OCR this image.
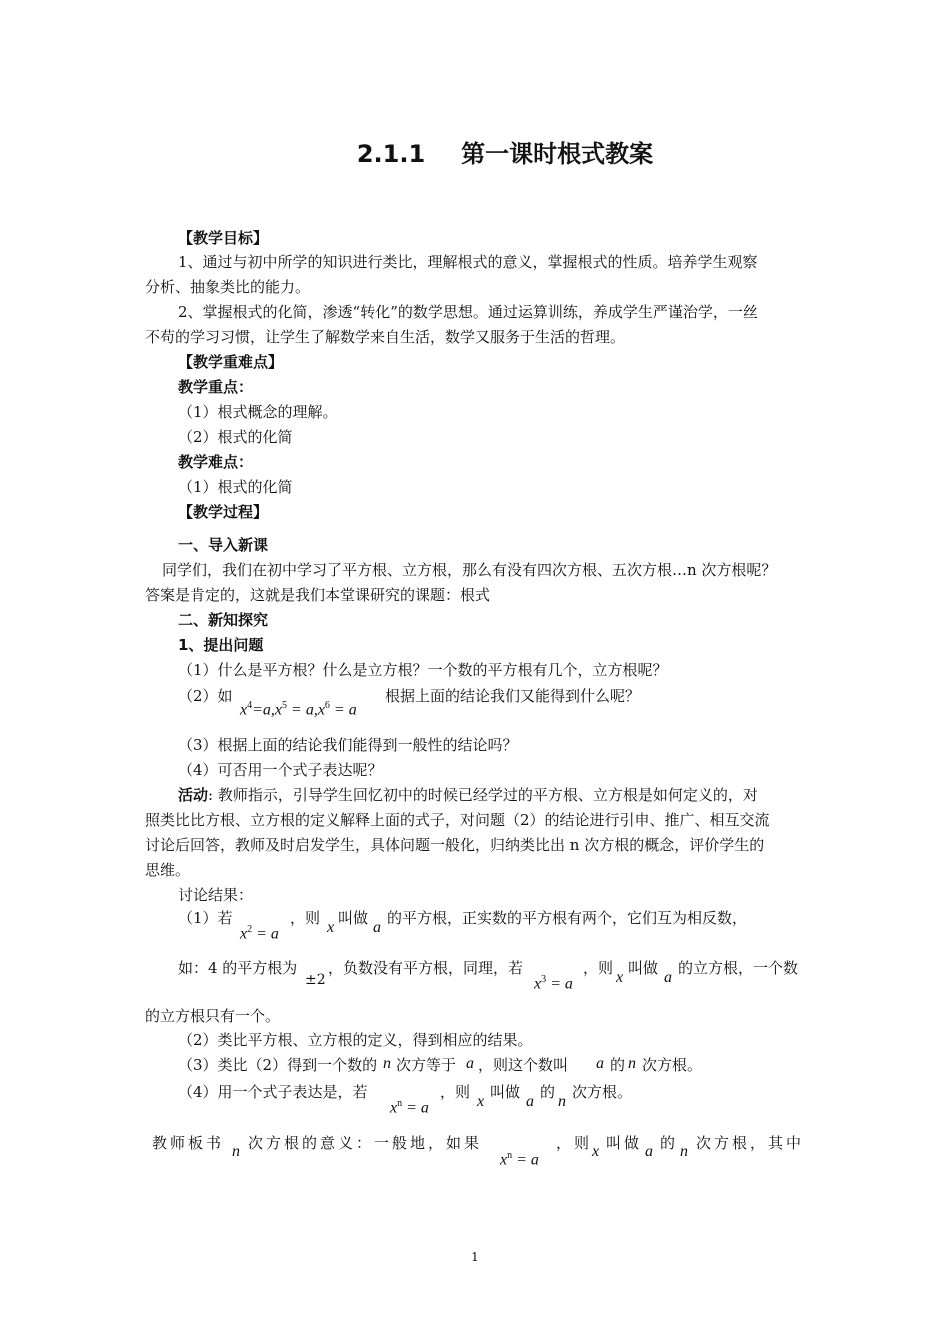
2.1.1 第一课时根式教案
【教学目标】
1、通过与初中所学的知识进行类比，理解根式的意义，掌握根式的性质。培养学生观察
分析、抽象类比的能力。
2、掌握根式的化简，渗透“转化”的数学思想。通过运算训练，养成学生严谨治学，一丝
不苟的学习习惯，让学生了解数学来自生活，数学又服务于生活的哲理。
【教学重难点】
教学重点：
（1）根式概念的理解。
（2）根式的化简
教学难点：
（1）根式的化简
【教学过程】
一、导入新课
同学们，我们在初中学习了平方根、立方根，那么有没有四次方根、五次方根…n 次方根呢？
答案是肯定的，这就是我们本堂课研究的课题：根式
二、新知探究
1、提出问题
（1）什么是平方根？什么是立方根？一个数的平方根有几个，立方根呢？
（2）如
$x^4=a,x^5 = a,x^6 = a$
根据上面的结论我们又能得到什么呢？
（3）根据上面的结论我们能得到一般性的结论吗？
（4）可否用一个式子表达呢？
活动: 教师指示，引导学生回忆初中的时候已经学过的平方根、立方根是如何定义的，对
照类比比方根、立方根的定义解释上面的式子，对问题（2）的结论进行引申、推广、相互交流
讨论后回答，教师及时启发学生，具体问题一般化，归纳类比出 n 次方根的概念，评价学生的
思维。
讨论结果：
（1）若
$x^2 = a$
，则
x
叫做
a
的平方根，正实数的平方根有两个，它们互为相反数，
如：4 的平方根为
±2
，负数没有平方根，同理，若
$x^3 = a$
，则
x
叫做
a
的立方根，一个数
的立方根只有一个。
（2）类比平方根、立方根的定义，得到相应的结果。
（3）类比（2）得到一个数的 n 次方等于 a ，则这个数叫 a 的 n 次方根。
（4）用一个式子表达是，若
$x^n = a$
，则
x
叫做
a
的
n
次方根。
教师板书 n 次方根的意义：一般地，如果
$x^n = a$
，则 x 叫做 a 的 n 次方根，其中
1
